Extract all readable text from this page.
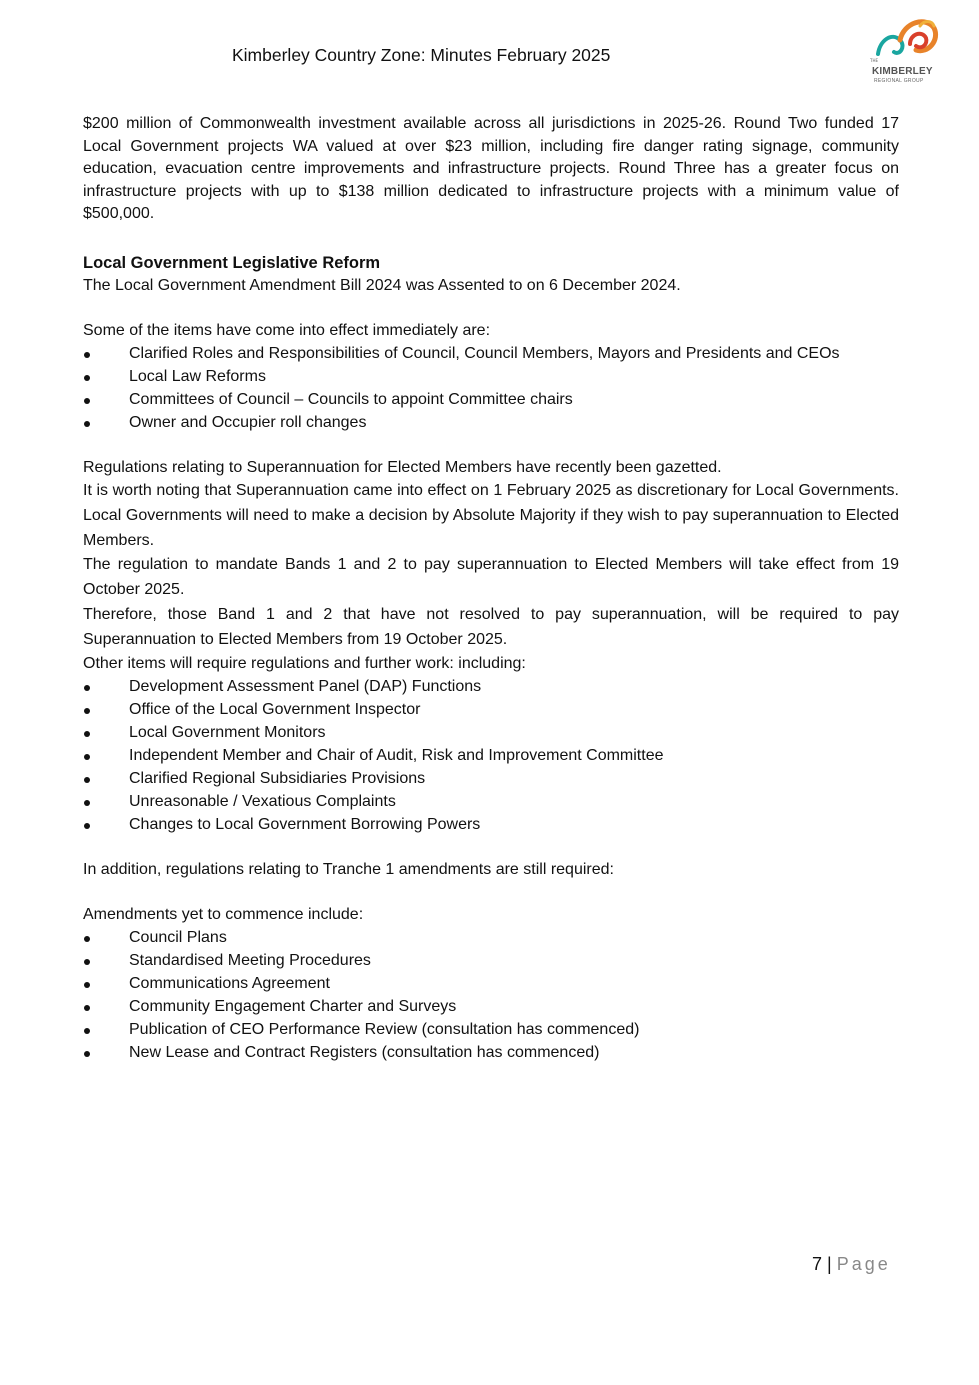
Kimberley Country Zone: Minutes February 2025	THE
KIMBERLEY
REGIONAL GROUP

$200 million of Commonwealth investment available across all jurisdictions in 2025-26. Round Two funded 17 Local Government projects WA valued at over $23 million, including fire danger rating signage, community education, evacuation centre improvements and infrastructure projects. Round Three has a greater focus on infrastructure projects with up to $138 million dedicated to infrastructure projects with a minimum value of $500,000.

Local Government Legislative Reform

The Local Government Amendment Bill 2024 was Assented to on 6 December 2024.

Some of the items have come into effect immediately are:

Clarified Roles and Responsibilities of Council, Council Members, Mayors and Presidents and CEOs
Local Law Reforms
Committees of Council – Councils to appoint Committee chairs
Owner and Occupier roll changes

Regulations relating to Superannuation for Elected Members have recently been gazetted.

It is worth noting that Superannuation came into effect on 1 February 2025 as discretionary for Local Governments. Local Governments will need to make a decision by Absolute Majority if they wish to pay superannuation to Elected Members.

The regulation to mandate Bands 1 and 2 to pay superannuation to Elected Members will take effect from 19 October 2025.

Therefore, those Band 1 and 2 that have not resolved to pay superannuation, will be required to pay Superannuation to Elected Members from 19 October 2025.

Other items will require regulations and further work: including:

Development Assessment Panel (DAP) Functions
Office of the Local Government Inspector
Local Government Monitors
Independent Member and Chair of Audit, Risk and Improvement Committee
Clarified Regional Subsidiaries Provisions
Unreasonable / Vexatious Complaints
Changes to Local Government Borrowing Powers

In addition, regulations relating to Tranche 1 amendments are still required:

Amendments yet to commence include:

Council Plans
Standardised Meeting Procedures
Communications Agreement
Community Engagement Charter and Surveys
Publication of CEO Performance Review (consultation has commenced)
New Lease and Contract Registers (consultation has commenced)
7 | Page
